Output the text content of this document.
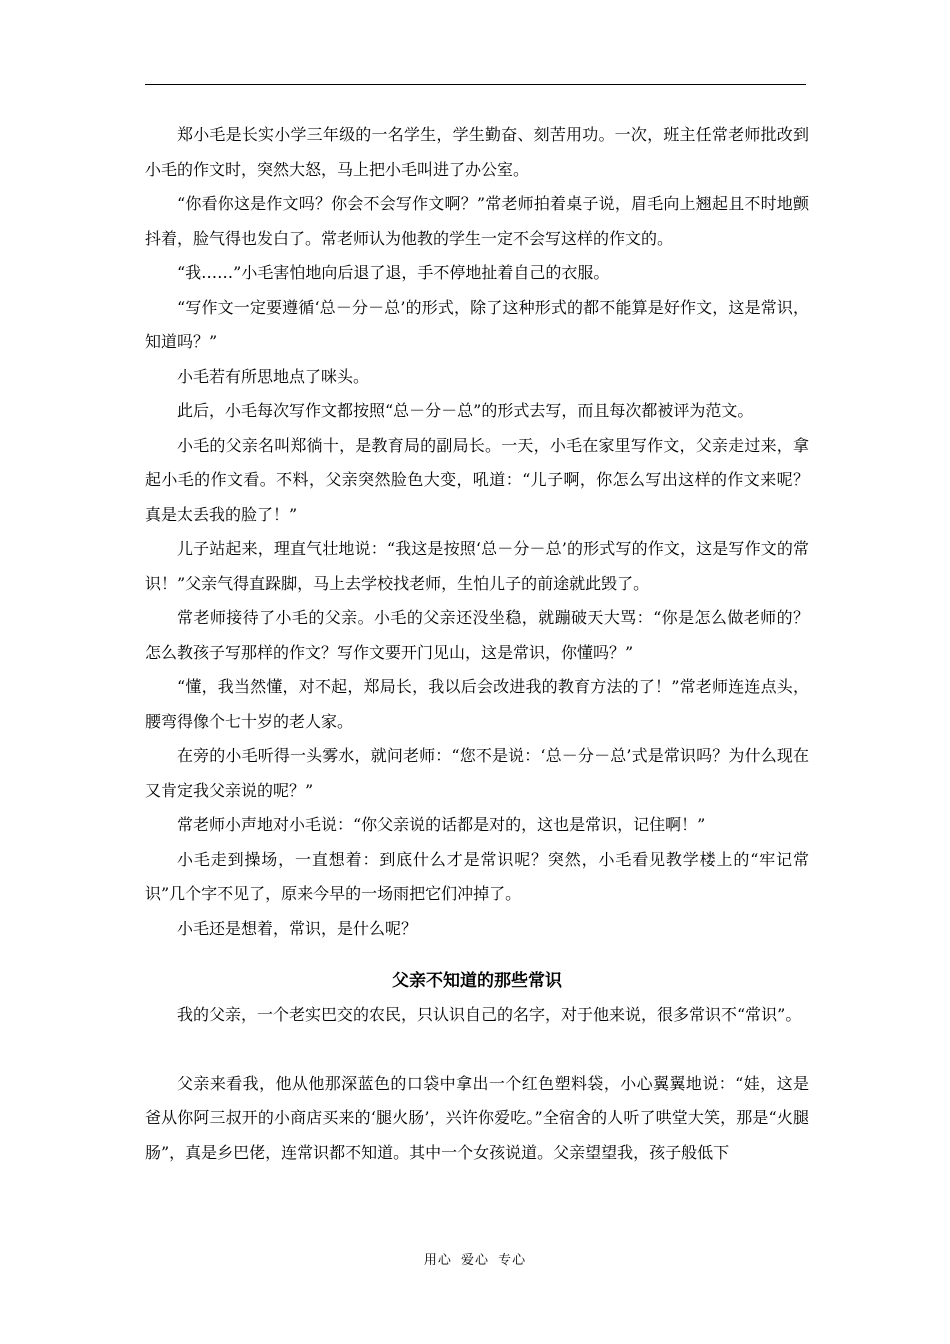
郑小毛是长实小学三年级的一名学生，学生勤奋、刻苦用功。一次，班主任常老师批改到小毛的作文时，突然大怒，马上把小毛叫进了办公室。

“你看你这是作文吗？你会不会写作文啊？”常老师拍着桌子说，眉毛向上翘起且不时地颤抖着，脸气得也发白了。常老师认为他教的学生一定不会写这样的作文的。

“我……”小毛害怕地向后退了退，手不停地扯着自己的衣服。

“写作文一定要遵循‘总－分－总’的形式，除了这种形式的都不能算是好作文，这是常识，知道吗？”

小毛若有所思地点了咪头。

此后，小毛每次写作文都按照“总－分－总”的形式去写，而且每次都被评为范文。

小毛的父亲名叫郑徜十，是教育局的副局长。一天，小毛在家里写作文，父亲走过来，拿起小毛的作文看。不料，父亲突然脸色大变，吼道：“儿子啊，你怎么写出这样的作文来呢？真是太丢我的脸了！”

儿子站起来，理直气壮地说：“我这是按照‘总－分－总’的形式写的作文，这是写作文的常识！”父亲气得直跺脚，马上去学校找老师，生怕儿子的前途就此毁了。

常老师接待了小毛的父亲。小毛的父亲还没坐稳，就蹦破天大骂：“你是怎么做老师的？怎么教孩子写那样的作文？写作文要开门见山，这是常识，你懂吗？”

“懂，我当然懂，对不起，郑局长，我以后会改进我的教育方法的了！”常老师连连点头，腰弯得像个七十岁的老人家。

在旁的小毛听得一头雾水，就问老师：“您不是说：‘总－分－总’式是常识吗？为什么现在又肯定我父亲说的呢？”

常老师小声地对小毛说：“你父亲说的话都是对的，这也是常识，记住啊！”

小毛走到操场，一直想着：到底什么才是常识呢？突然，小毛看见教学楼上的“牢记常识”几个字不见了，原来今早的一场雨把它们冲掉了。

小毛还是想着，常识，是什么呢？

父亲不知道的那些常识

我的父亲，一个老实巴交的农民，只认识自己的名字，对于他来说，很多常识不“常识”。

父亲来看我，他从他那深蓝色的口袋中拿出一个红色塑料袋，小心翼翼地说：“娃，这是爸从你阿三叔开的小商店买来的‘腿火肠’，兴许你爱吃。”全宿舍的人听了哄堂大笑，那是“火腿肠”，真是乡巴佬，连常识都不知道。其中一个女孩说道。父亲望望我，孩子般低下

用心 爱心 专心
